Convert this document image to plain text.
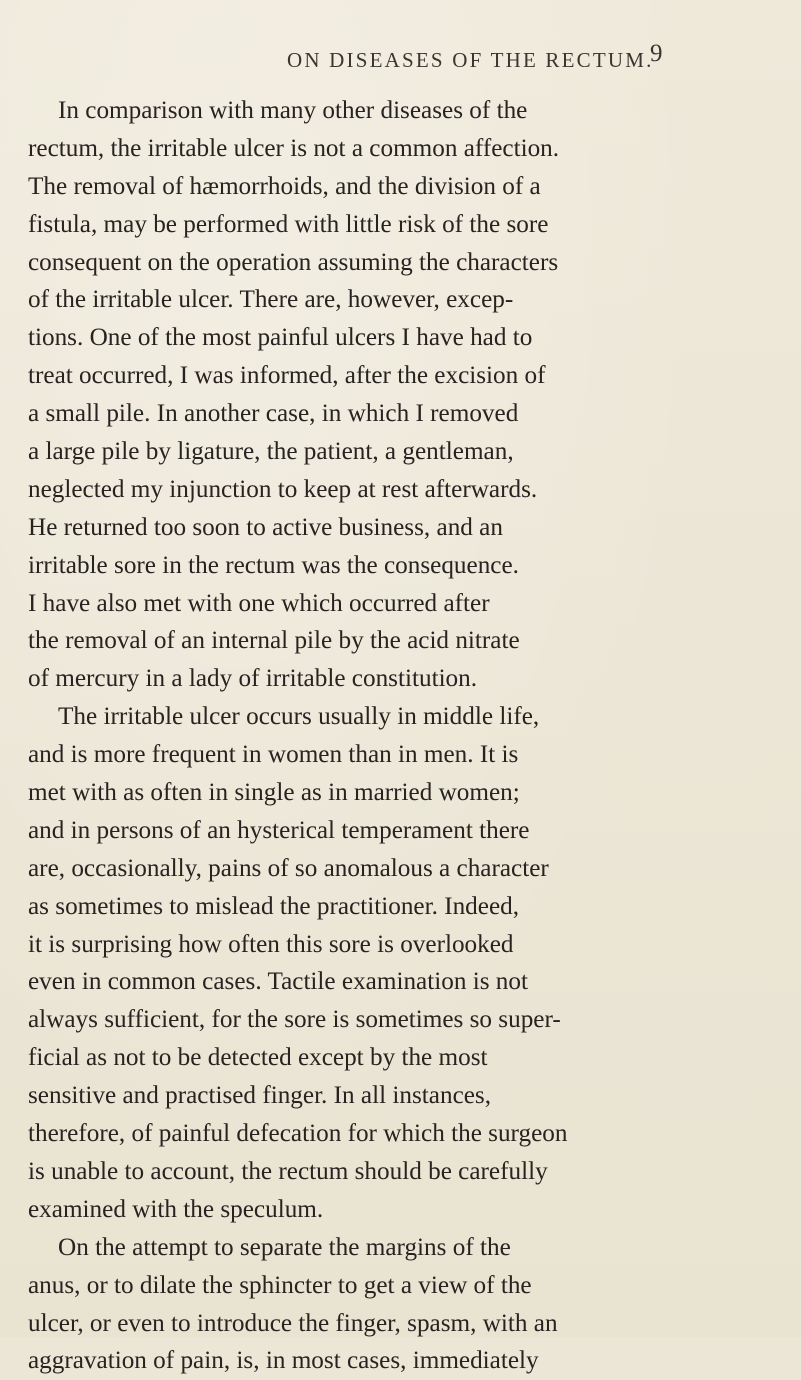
ON DISEASES OF THE RECTUM.
9
In comparison with many other diseases of the
rectum, the irritable ulcer is not a common affection.
The removal of hæmorrhoids, and the division of a
fistula, may be performed with little risk of the sore
consequent on the operation assuming the characters
of the irritable ulcer. There are, however, excep-
tions. One of the most painful ulcers I have had to
treat occurred, I was informed, after the excision of
a small pile. In another case, in which I removed
a large pile by ligature, the patient, a gentleman,
neglected my injunction to keep at rest afterwards.
He returned too soon to active business, and an
irritable sore in the rectum was the consequence.
I have also met with one which occurred after
the removal of an internal pile by the acid nitrate
of mercury in a lady of irritable constitution.
The irritable ulcer occurs usually in middle life,
and is more frequent in women than in men. It is
met with as often in single as in married women;
and in persons of an hysterical temperament there
are, occasionally, pains of so anomalous a character
as sometimes to mislead the practitioner. Indeed,
it is surprising how often this sore is overlooked
even in common cases. Tactile examination is not
always sufficient, for the sore is sometimes so super-
ficial as not to be detected except by the most
sensitive and practised finger. In all instances,
therefore, of painful defecation for which the surgeon
is unable to account, the rectum should be carefully
examined with the speculum.
On the attempt to separate the margins of the
anus, or to dilate the sphincter to get a view of the
ulcer, or even to introduce the finger, spasm, with an
aggravation of pain, is, in most cases, immediately
